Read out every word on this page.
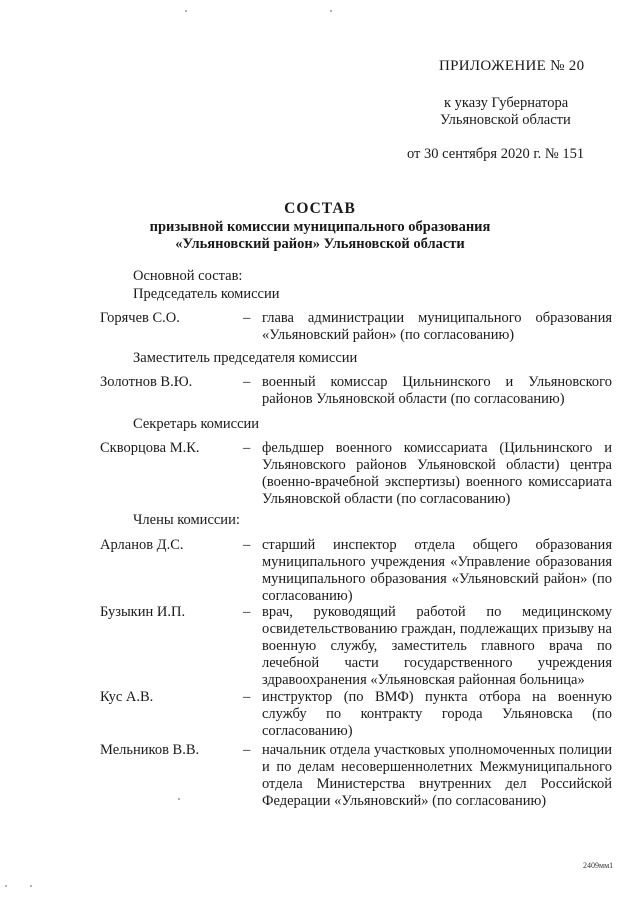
ПРИЛОЖЕНИЕ № 20
к указу Губернатора
Ульяновской области
от 30 сентября 2020 г. № 151
СОСТАВ
призывной комиссии муниципального образования
«Ульяновский район» Ульяновской области
Основной состав:
Председатель комиссии
Горячев С.О.	– глава администрации муниципального образования «Ульяновский район» (по согласованию)
Заместитель председателя комиссии
Золотнов В.Ю.	– военный комиссар Цильнинского и Ульяновского районов Ульяновской области (по согласованию)
Секретарь комиссии
Скворцова М.К.	– фельдшер военного комиссариата (Цильнинского и Ульяновского районов Ульяновской области) центра (военно-врачебной экспертизы) военного комиссариата Ульяновской области (по согласованию)
Члены комиссии:
Арланов Д.С.	– старший инспектор отдела общего образования муниципального учреждения «Управление образования муниципального образования «Ульяновский район» (по согласованию)
Бузыкин И.П.	– врач, руководящий работой по медицинскому освидетельствованию граждан, подлежащих призыву на военную службу, заместитель главного врача по лечебной части государственного учреждения здравоохранения «Ульяновская районная больница»
Кус А.В.	– инструктор (по ВМФ) пункта отбора на военную службу по контракту города Ульяновска (по согласованию)
Мельников В.В.	– начальник отдела участковых уполномоченных полиции и по делам несовершеннолетних Межмуниципального отдела Министерства внутренних дел Российской Федерации «Ульяновский» (по согласованию)
2409мм1
